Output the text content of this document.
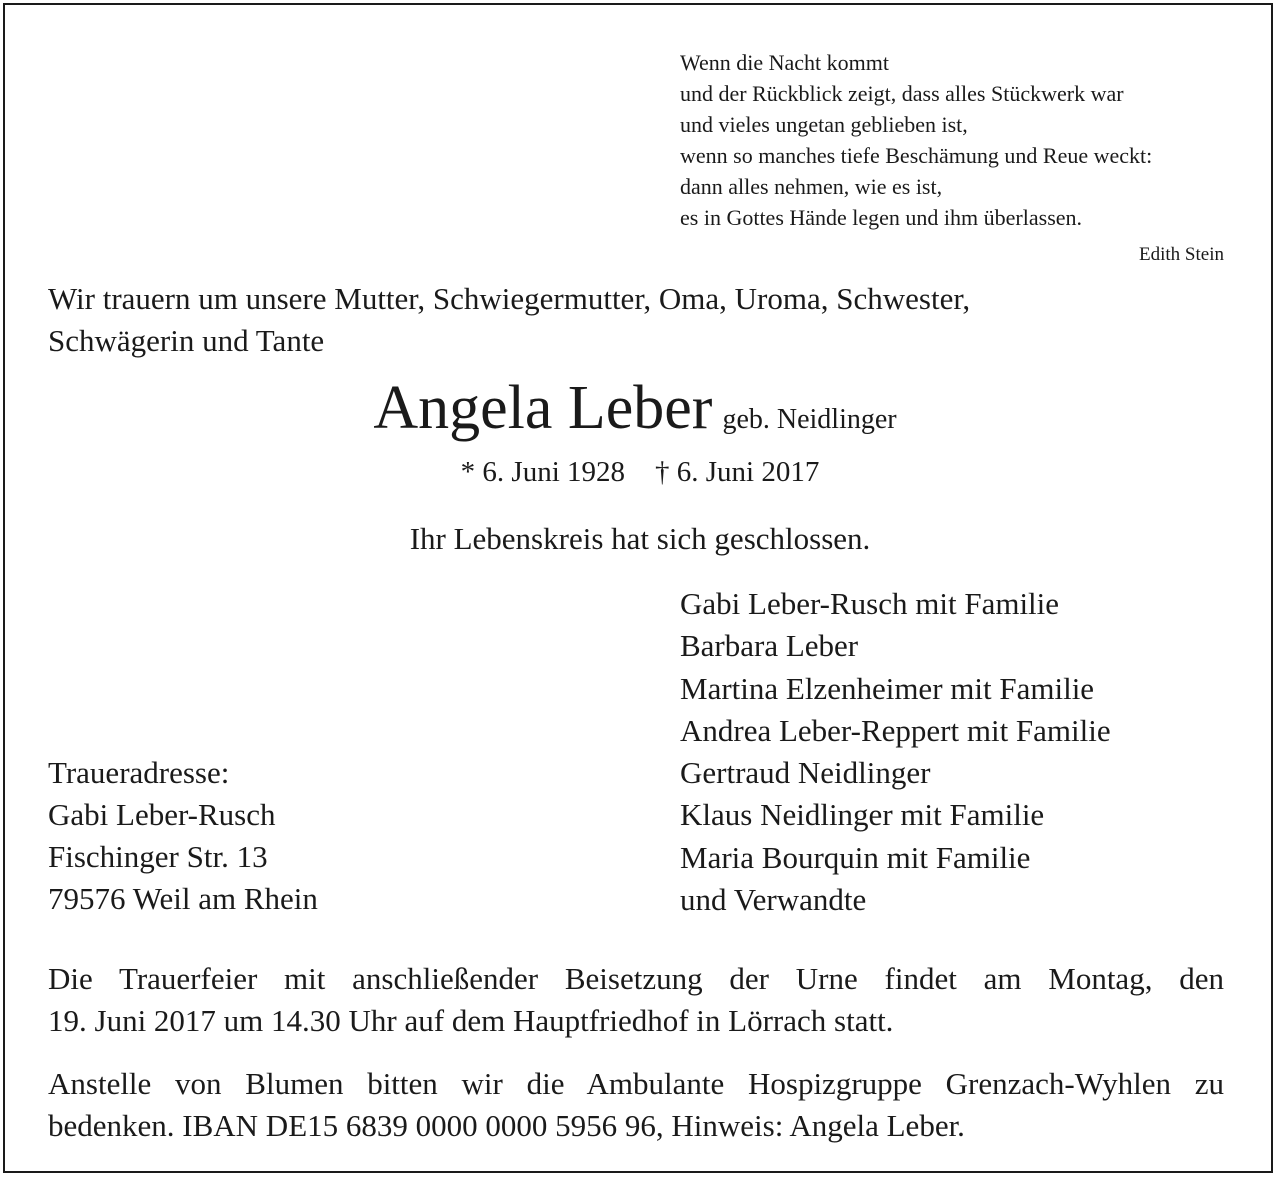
Wenn die Nacht kommt
und der Rückblick zeigt, dass alles Stückwerk war
und vieles ungetan geblieben ist,
wenn so manches tiefe Beschämung und Reue weckt:
dann alles nehmen, wie es ist,
es in Gottes Hände legen und ihm überlassen.
Edith Stein
Wir trauern um unsere Mutter, Schwiegermutter, Oma, Uroma, Schwester,
Schwägerin und Tante
Angela Leber geb. Neidlinger
* 6. Juni 1928 † 6. Juni 2017
Ihr Lebenskreis hat sich geschlossen.
Gabi Leber-Rusch mit Familie
Barbara Leber
Martina Elzenheimer mit Familie
Andrea Leber-Reppert mit Familie
Gertraud Neidlinger
Klaus Neidlinger mit Familie
Maria Bourquin mit Familie
und Verwandte
Traueradresse:
Gabi Leber-Rusch
Fischinger Str. 13
79576 Weil am Rhein
Die Trauerfeier mit anschließender Beisetzung der Urne findet am Montag, den
19. Juni 2017 um 14.30 Uhr auf dem Hauptfriedhof in Lörrach statt.
Anstelle von Blumen bitten wir die Ambulante Hospizgruppe Grenzach-Wyhlen zu
bedenken. IBAN DE15 6839 0000 0000 5956 96, Hinweis: Angela Leber.
